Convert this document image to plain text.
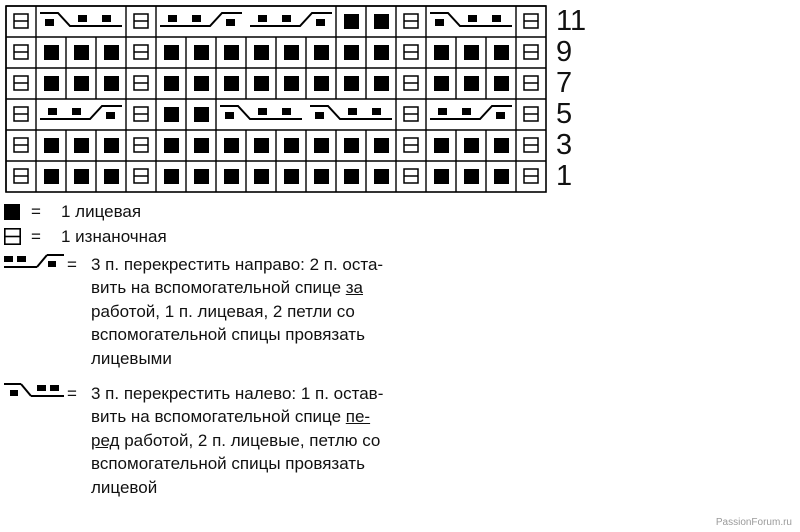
11
9
7
5
3
1
= 1 лицевая
= 1 изнаночная
= 3 п. перекрестить направо: 2 п. оста-
вить на вспомогательной спице за
работой, 1 п. лицевая, 2 петли со
вспомогательной спицы провязать
лицевыми
= 3 п. перекрестить налево: 1 п. остав-
вить на вспомогательной спице пе-
ред работой, 2 п. лицевые, петлю со
вспомогательной спицы провязать
лицевой
PassionForum.ru
